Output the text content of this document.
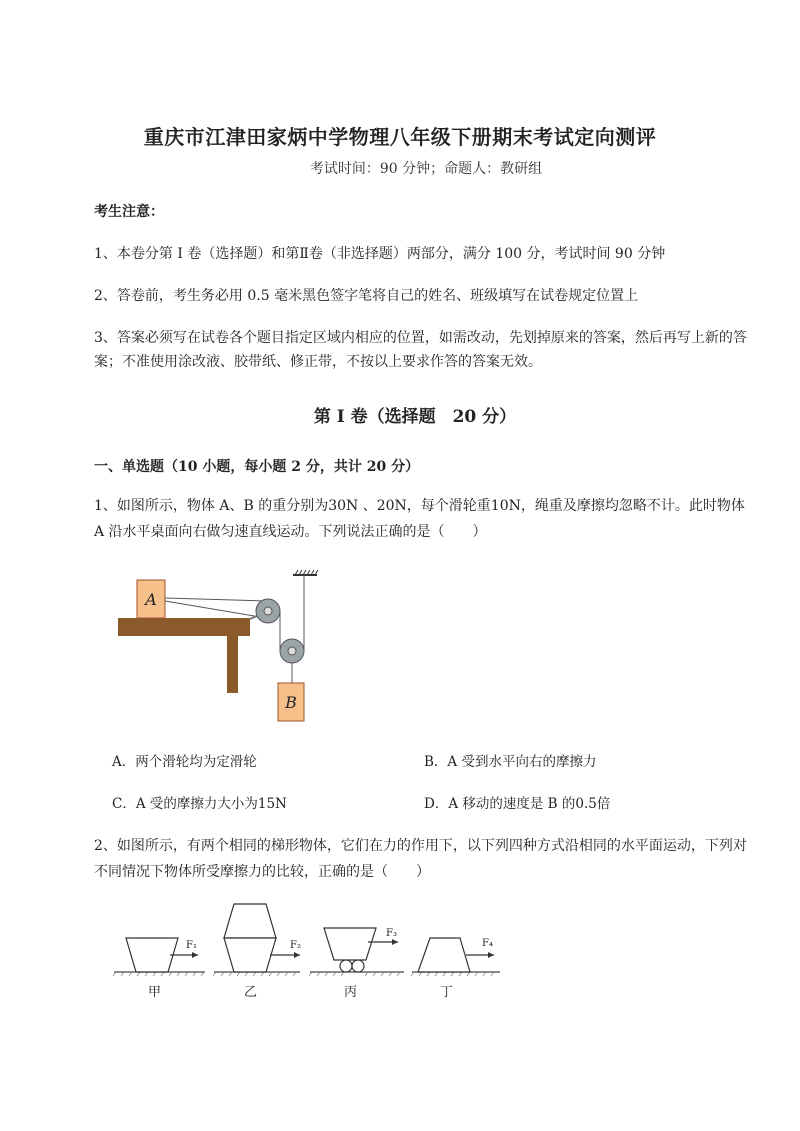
重庆市江津田家炳中学物理八年级下册期末考试定向测评
考试时间：90 分钟；命题人：教研组
考生注意：
1、本卷分第 I 卷（选择题）和第Ⅱ卷（非选择题）两部分，满分 100 分，考试时间 90 分钟
2、答卷前，考生务必用 0.5 毫米黑色签字笔将自己的姓名、班级填写在试卷规定位置上
3、答案必须写在试卷各个题目指定区域内相应的位置，如需改动，先划掉原来的答案，然后再写上新的答案；不准使用涂改液、胶带纸、修正带，不按以上要求作答的答案无效。
第 I 卷（选择题　20 分）
一、单选题（10 小题，每小题 2 分，共计 20 分）
1、如图所示，物体 A、B 的重分别为30N 、20N，每个滑轮重10N，绳重及摩擦均忽略不计。此时物体 A 沿水平桌面向右做匀速直线运动。下列说法正确的是（　　）
A
B
A．两个滑轮均为定滑轮	B．A 受到水平向右的摩擦力
C．A 受的摩擦力大小为15N	D．A 移动的速度是 B 的0.5倍
2、如图所示，有两个相同的梯形物体，它们在力的作用下，以下列四种方式沿相同的水平面运动，下列对不同情况下物体所受摩擦力的比较，正确的是（　　）
F₁
甲
F₂
乙
F₃
丙
F₄
丁
